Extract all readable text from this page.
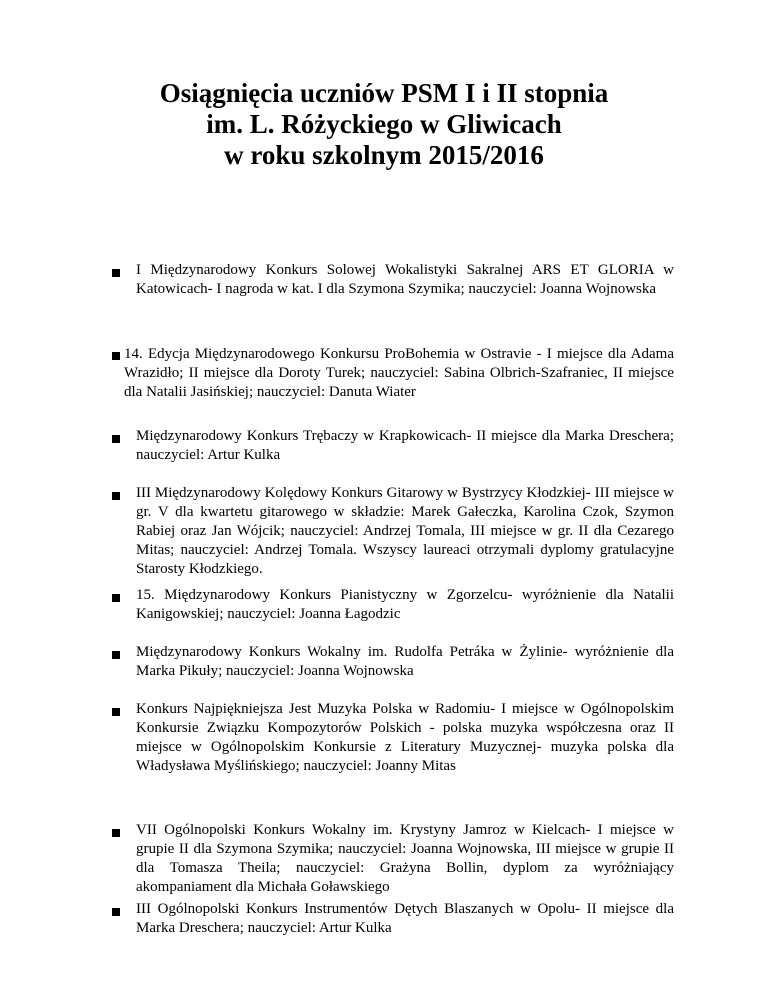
Osiągnięcia uczniów PSM I i II stopnia
im. L. Różyckiego w Gliwicach
w roku szkolnym 2015/2016
I Międzynarodowy Konkurs Solowej Wokalistyki Sakralnej ARS ET GLORIA w Katowicach- I nagroda w kat. I dla Szymona Szymika; nauczyciel: Joanna Wojnowska
14. Edycja Międzynarodowego Konkursu ProBohemia w Ostravie - I miejsce dla Adama Wrazidło; II miejsce dla Doroty Turek; nauczyciel: Sabina Olbrich-Szafraniec, II miejsce dla Natalii Jasińskiej; nauczyciel: Danuta Wiater
Międzynarodowy Konkurs Trębaczy w Krapkowicach- II miejsce dla Marka Dreschera; nauczyciel: Artur Kulka
III Międzynarodowy Kolędowy Konkurs Gitarowy w Bystrzycy Kłodzkiej- III miejsce w gr. V dla kwartetu gitarowego w składzie: Marek Gałeczka, Karolina Czok, Szymon Rabiej oraz Jan Wójcik; nauczyciel: Andrzej Tomala, III miejsce w gr. II dla Cezarego Mitas; nauczyciel: Andrzej Tomala. Wszyscy laureaci otrzymali dyplomy gratulacyjne Starosty Kłodzkiego.
15. Międzynarodowy Konkurs Pianistyczny w Zgorzelcu- wyróżnienie dla Natalii Kanigowskiej; nauczyciel: Joanna Łagodzic
Międzynarodowy Konkurs Wokalny im. Rudolfa Petráka w Żylinie- wyróżnienie dla Marka Pikuły; nauczyciel: Joanna Wojnowska
Konkurs Najpiękniejsza Jest Muzyka Polska w Radomiu- I miejsce w Ogólnopolskim Konkursie Związku Kompozytorów Polskich - polska muzyka współczesna oraz II miejsce w Ogólnopolskim Konkursie z Literatury Muzycznej- muzyka polska dla Władysława Myślińskiego; nauczyciel: Joanny Mitas
VII Ogólnopolski Konkurs Wokalny im. Krystyny Jamroz w Kielcach- I miejsce w grupie II dla Szymona Szymika; nauczyciel: Joanna Wojnowska, III miejsce w grupie II dla Tomasza Theila; nauczyciel: Grażyna Bollin, dyplom za wyróżniający akompaniament dla Michała Goławskiego
III Ogólnopolski Konkurs Instrumentów Dętych Blaszanych w Opolu- II miejsce dla Marka Dreschera; nauczyciel: Artur Kulka
